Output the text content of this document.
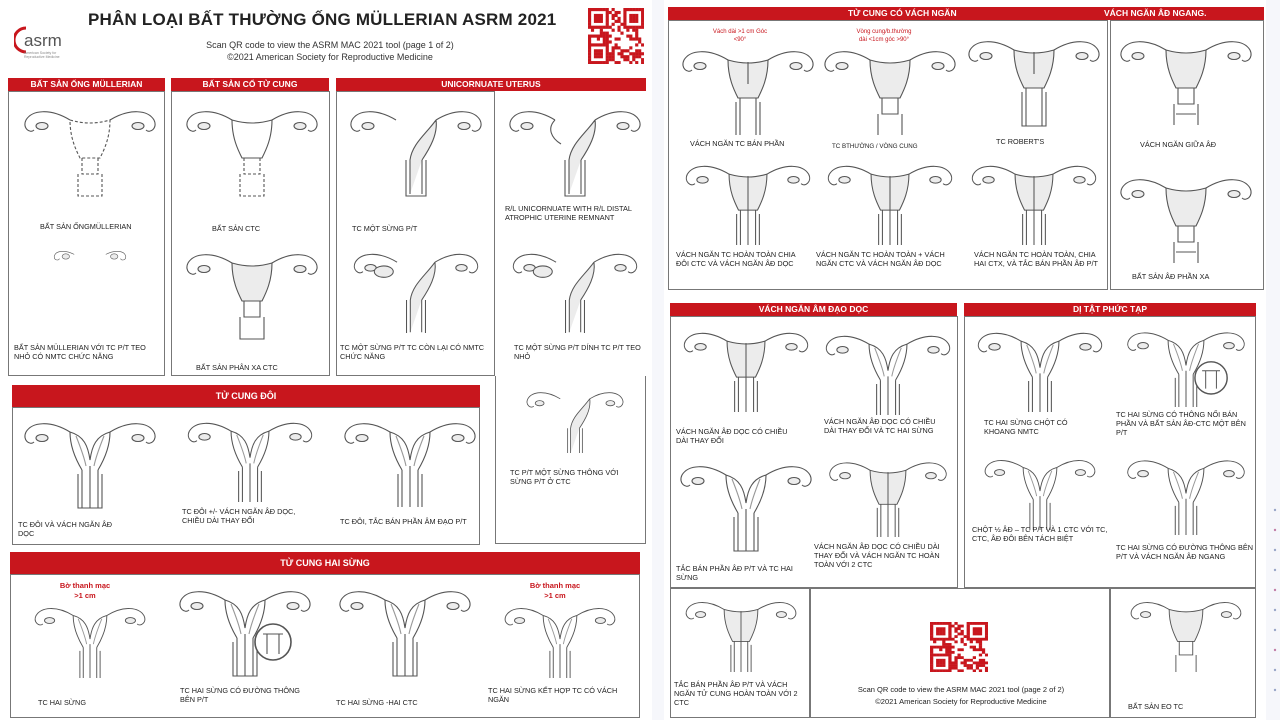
asrm
American Society for Reproductive Medicine
PHÂN LOẠI BẤT THƯỜNG ỐNG MÜLLERIAN ASRM 2021
Scan QR code to view the ASRM MAC 2021 tool (page 1 of 2)
©2021 American Society for Reproductive Medicine
BẤT SẢN ỐNG MÜLLERIAN	BẤT SẢN CỔ TỬ CUNG	UNICORNUATE UTERUS
BẤT SẢN ỐNGMÜLLERIAN
BẤT SẢN MÜLLERIAN VỚI TC P/T TEO NHỎ CÓ NMTC CHỨC NĂNG
BẤT SẢN CTC
BẤT SẢN PHÂN XA CTC
TC MỘT SỪNG P/T
R/L UNICORNUATE WITH R/L DISTAL ATROPHIC UTERINE REMNANT
TC MỘT SỪNG P/T TC CÒN LẠI CÓ NMTC CHỨC NĂNG
TC MỘT SỪNG P/T DÍNH TC P/T TEO NHỎ
TC P/T MỘT SỪNG THÔNG VỚI SỪNG P/T Ở CTC
TỬ CUNG ĐÔI
TC ĐÔI VÀ VÁCH NGĂN ÂĐ DỌC
TC ĐÔI +/- VÁCH NGĂN ÂĐ DỌC, CHIỀU DÀI THAY ĐỔI	TC ĐÔI, TẮC BÁN PHẦN ÂM ĐẠO P/T
TỬ CUNG HAI SỪNG
Bờ thanh mạc
>1 cm
TC HAI SỪNG
TC HAI SỪNG CÓ ĐƯỜNG THÔNG BÊN P/T	TC HAI SỪNG -HAI CTC
Bờ thanh mạc
>1 cm
TC HAI SỪNG KẾT HỢP TC CÓ VÁCH NGĂN
TỬ CUNG CÓ VÁCH NGĂN	VÁCH NGĂN ÂĐ NGANG.
Vách dài >1 cm Góc
<90°
VÁCH NGĂN TC BÁN PHẦN
Vòng cung/b.thường
dài <1cm góc >90°
TC BTHƯỜNG / VÒNG CUNG
TC ROBERT'S
VÁCH NGĂN TC HOÀN TOÀN CHIA ĐÔI CTC VÀ VÁCH NGĂN ÂĐ DỌC
VÁCH NGĂN TC HOÀN TOÀN + VÁCH NGĂN CTC VÀ VÁCH NGĂN ÂĐ DỌC
VÁCH NGĂN TC HOÀN TOÀN, CHIA HAI CTX, VÀ TẮC BÁN PHẦN ÂĐ P/T
VÁCH NGĂN GIỮA ÂĐ
BẤT SẢN ÂĐ PHẦN XA
VÁCH NGĂN ÂM ĐẠO DỌC	DỊ TẬT PHỨC TẠP
VÁCH NGĂN ÂĐ DỌC CÓ CHIỀU DÀI THAY ĐỔI
VÁCH NGĂN ÂĐ DỌC CÓ CHIỀU DÀI THAY ĐỔI VÀ TC HAI SỪNG
TẮC BÁN PHẦN ÂĐ P/T VÀ TC HAI SỪNG
VÁCH NGĂN ÂĐ DỌC CÓ CHIỀU DÀI THAY ĐỔI VÀ VÁCH NGĂN TC HOÀN TOÀN VỚI 2 CTC
TẮC BÁN PHẦN ÂĐ P/T VÀ VÁCH NGĂN TỬ CUNG HOÀN TOÀN VỚI 2 CTC
Scan QR code to view the ASRM MAC 2021 tool (page 2 of 2)
©2021 American Society for Reproductive Medicine
TC HAI SỪNG CHỘT CÓ KHOANG NMTC
TC HAI SỪNG CÓ THÔNG NỐI BÁN PHẦN VÀ BẤT SẢN ÂĐ-CTC MỘT BÊN P/T
CHỘT ½ ÂĐ – TC P/T VÀ 1 CTC VỚI TC, CTC, ÂĐ ĐÔI BÊN TÁCH BIỆT
TC HAI SỪNG CÓ ĐƯỜNG THÔNG BÊN P/T VÀ VÁCH NGĂN ÂĐ NGANG
BẤT SẢN EO TC
